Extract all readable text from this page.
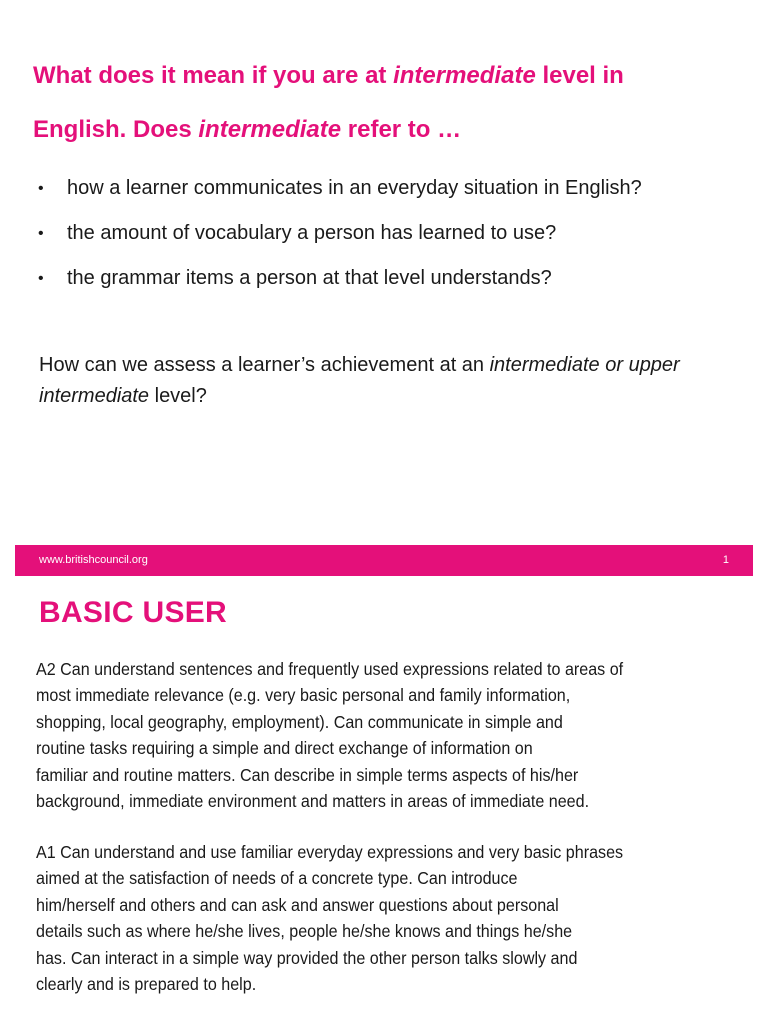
What does it mean if you are at intermediate level in
English. Does intermediate refer to …
• how a learner communicates in an everyday situation in English?
• the amount of vocabulary a person has learned to use?
• the grammar items a person at that level understands?

How can we assess a learner’s achievement at an intermediate or upper intermediate level?

www.britishcouncil.org	1
BASIC USER

A2 Can understand sentences and frequently used expressions related to areas of
most immediate relevance (e.g. very basic personal and family information,
shopping, local geography, employment). Can communicate in simple and
routine tasks requiring a simple and direct exchange of information on
familiar and routine matters. Can describe in simple terms aspects of his/her
background, immediate environment and matters in areas of immediate need.

A1 Can understand and use familiar everyday expressions and very basic phrases
aimed at the satisfaction of needs of a concrete type. Can introduce
him/herself and others and can ask and answer questions about personal
details such as where he/she lives, people he/she knows and things he/she
has. Can interact in a simple way provided the other person talks slowly and
clearly and is prepared to help.
